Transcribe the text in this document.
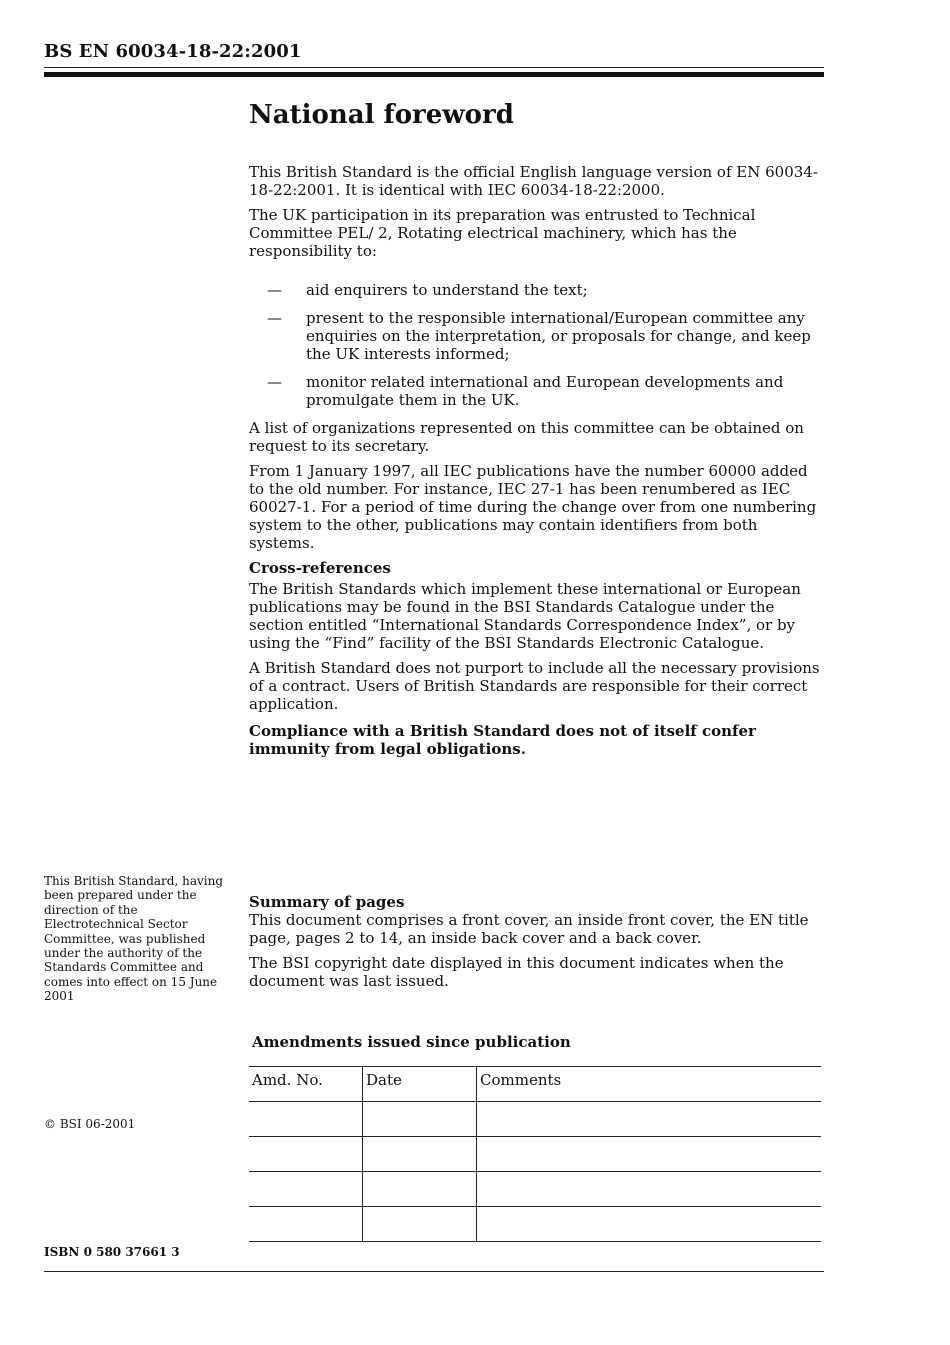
BS EN 60034-18-22:2001
National foreword

This British Standard is the official English language version of EN 60034-18-22:2001. It is identical with IEC 60034-18-22:2000.

The UK participation in its preparation was entrusted to Technical Committee PEL/ 2, Rotating electrical machinery, which has the responsibility to:

—	aid enquirers to understand the text;
—	present to the responsible international/European committee any enquiries on the interpretation, or proposals for change, and keep the UK interests informed;
—	monitor related international and European developments and promulgate them in the UK.

A list of organizations represented on this committee can be obtained on request to its secretary.

From 1 January 1997, all IEC publications have the number 60000 added to the old number. For instance, IEC 27-1 has been renumbered as IEC 60027-1. For a period of time during the change over from one numbering system to the other, publications may contain identifiers from both systems.

Cross-references

The British Standards which implement these international or European publications may be found in the BSI Standards Catalogue under the section entitled “International Standards Correspondence Index”, or by using the “Find” facility of the BSI Standards Electronic Catalogue.

A British Standard does not purport to include all the necessary provisions of a contract. Users of British Standards are responsible for their correct application.

Compliance with a British Standard does not of itself confer immunity from legal obligations.

This British Standard, having been prepared under the direction of the Electrotechnical Sector Committee, was published under the authority of the Standards Committee and comes into effect on 15 June 2001
Summary of pages

This document comprises a front cover, an inside front cover, the EN title page, pages 2 to 14, an inside back cover and a back cover.

The BSI copyright date displayed in this document indicates when the document was last issued.

Amendments issued since publication
Amd. No.	Date	Comments

© BSI 06-2001
ISBN 0 580 37661 3
